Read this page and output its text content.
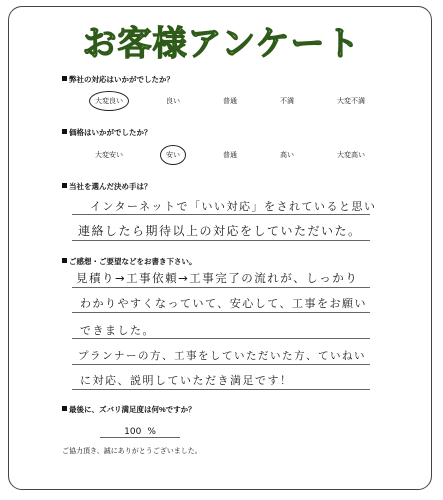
お客様アンケート
弊社の対応はいかがでしたか？
大変良い	良い	普通	不満	大変不満
価格はいかがでしたか？
大変安い	安い	普通	高い	大変高い
当社を選んだ決め手は？
インターネットで「いい対応」をされていると思い
連絡したら期待以上の対応をしていただいた。
ご感想・ご要望などをお書き下さい。
見積り→工事依頼→工事完了の流れが、しっかり
わかりやすくなっていて、安心して、工事をお願い
できました。
プランナーの方、工事をしていただいた方、ていねい
に対応、説明していただき満足です！
最後に、ズバリ満足度は何%ですか？
100 %
ご協力頂き、誠にありがとうございました。
